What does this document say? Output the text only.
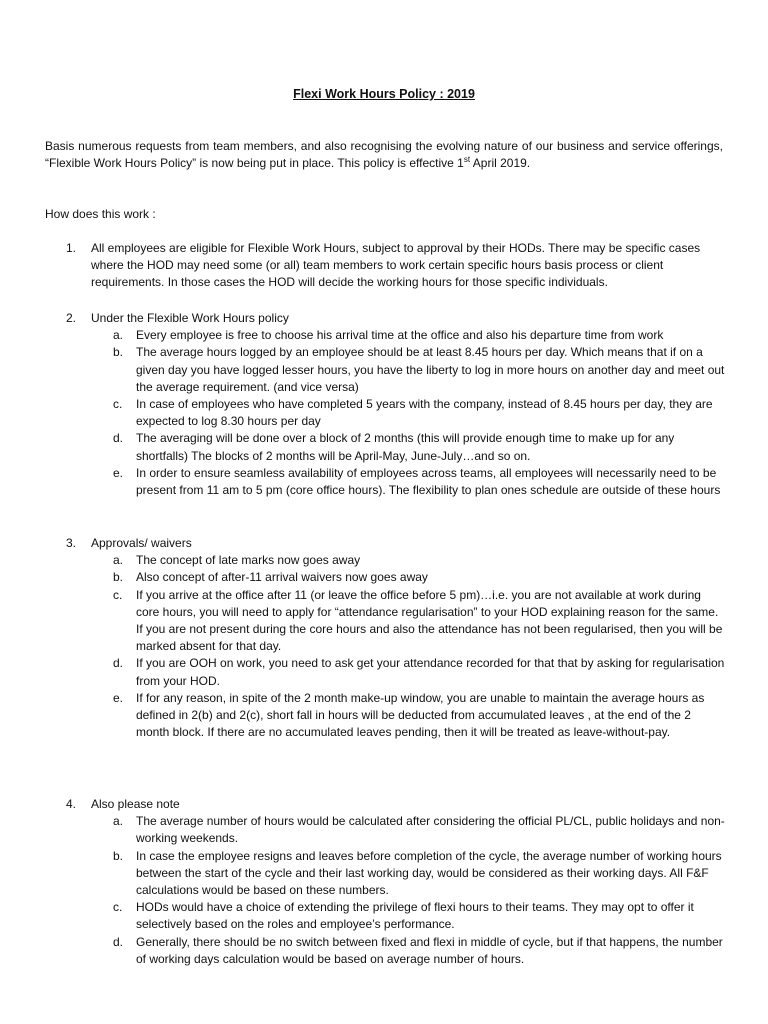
Flexi Work Hours Policy : 2019

Basis numerous requests from team members, and also recognising the evolving nature of our business and service offerings, “Flexible Work Hours Policy” is now being put in place. This policy is effective 1st April 2019.

How does this work :

1. All employees are eligible for Flexible Work Hours, subject to approval by their HODs. There may be specific cases where the HOD may need some (or all) team members to work certain specific hours basis process or client requirements. In those cases the HOD will decide the working hours for those specific individuals.
2. Under the Flexible Work Hours policy
a. Every employee is free to choose his arrival time at the office and also his departure time from work
b. The average hours logged by an employee should be at least 8.45 hours per day. Which means that if on a given day you have logged lesser hours, you have the liberty to log in more hours on another day and meet out the average requirement. (and vice versa)
c. In case of employees who have completed 5 years with the company, instead of 8.45 hours per day, they are expected to log 8.30 hours per day
d. The averaging will be done over a block of 2 months (this will provide enough time to make up for any shortfalls) The blocks of 2 months will be April-May, June-July…and so on.
e. In order to ensure seamless availability of employees across teams, all employees will necessarily need to be present from 11 am to 5 pm (core office hours). The flexibility to plan ones schedule are outside of these hours
3. Approvals/ waivers
a. The concept of late marks now goes away
b. Also concept of after-11 arrival waivers now goes away
c. If you arrive at the office after 11 (or leave the office before 5 pm)…i.e. you are not available at work during core hours, you will need to apply for “attendance regularisation” to your HOD explaining reason for the same. If you are not present during the core hours and also the attendance has not been regularised, then you will be marked absent for that day.
d. If you are OOH on work, you need to ask get your attendance recorded for that that by asking for regularisation from your HOD.
e. If for any reason, in spite of the 2 month make-up window, you are unable to maintain the average hours as defined in 2(b) and 2(c), short fall in hours will be deducted from accumulated leaves , at the end of the 2 month block. If there are no accumulated leaves pending, then it will be treated as leave-without-pay.
4. Also please note
a. The average number of hours would be calculated after considering the official PL/CL, public holidays and non-working weekends.
b. In case the employee resigns and leaves before completion of the cycle, the average number of working hours between the start of the cycle and their last working day, would be considered as their working days. All F&F calculations would be based on these numbers.
c. HODs would have a choice of extending the privilege of flexi hours to their teams. They may opt to offer it selectively based on the roles and employee’s performance.
d. Generally, there should be no switch between fixed and flexi in middle of cycle, but if that happens, the number of working days calculation would be based on average number of hours.
